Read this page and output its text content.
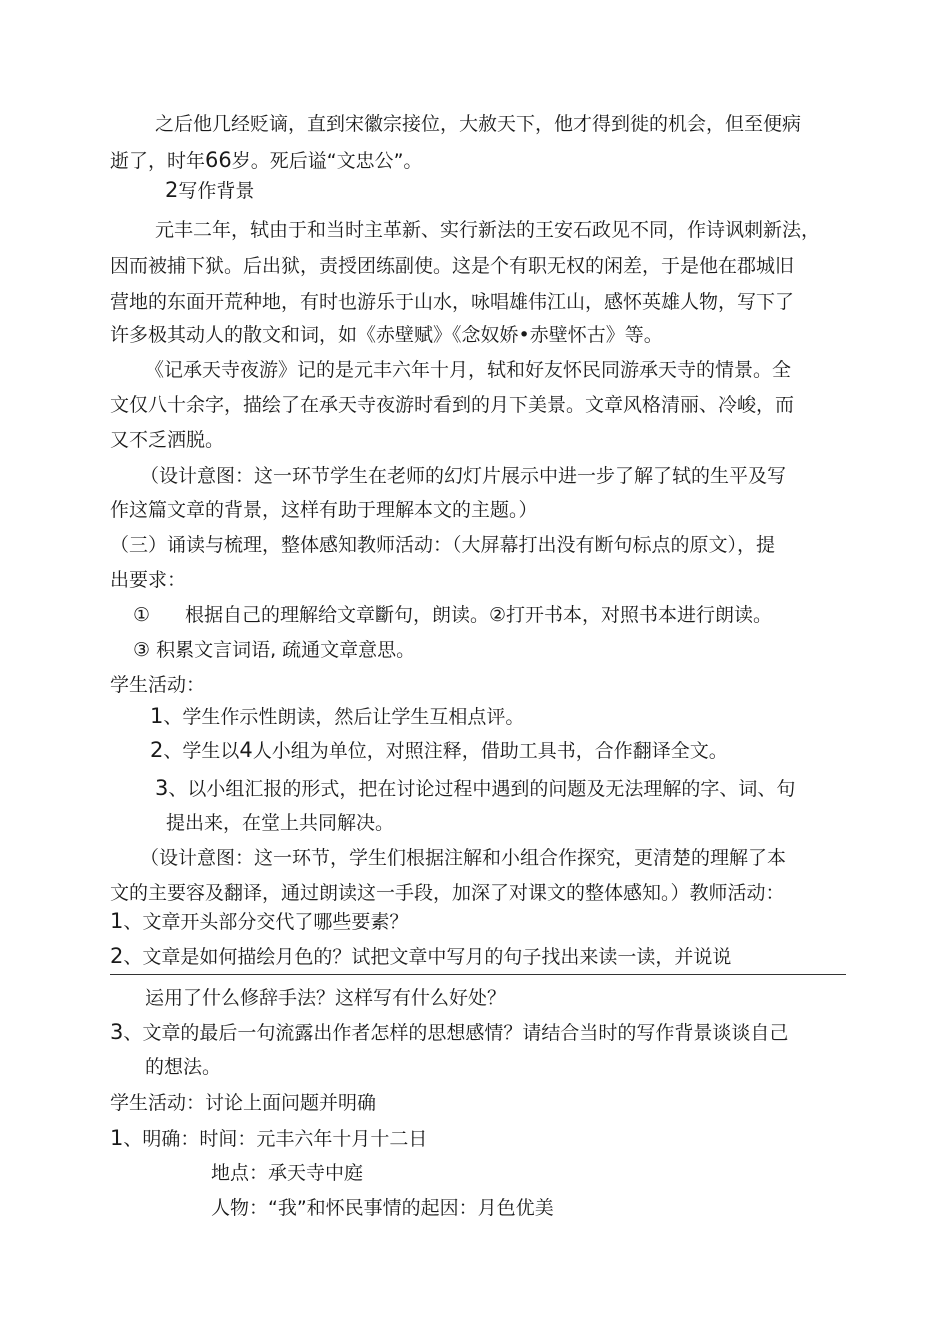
之后他几经贬谪，直到宋徽宗接位，大赦天下，他才得到徙的机会，但至便病
逝了，时年66岁。死后谥“文忠公”。
2写作背景
元丰二年，轼由于和当时主革新、实行新法的王安石政见不同，作诗讽刺新法，
因而被捕下狱。后出狱，责授团练副使。这是个有职无权的闲差，于是他在郡城旧
营地的东面开荒种地，有时也游乐于山水，咏唱雄伟江山，感怀英雄人物，写下了
许多极其动人的散文和词，如《赤壁赋》《念奴娇•赤壁怀古》等。
《记承天寺夜游》记的是元丰六年十月，轼和好友怀民同游承天寺的情景。全
文仅八十余字，描绘了在承天寺夜游时看到的月下美景。文章风格清丽、冷峻，而
又不乏洒脱。
（设计意图：这一环节学生在老师的幻灯片展示中进一步了解了轼的生平及写
作这篇文章的背景，这样有助于理解本文的主题。）
（三）诵读与梳理，整体感知教师活动：（大屏幕打出没有断句标点的原文），提
出要求：
① 根据自己的理解给文章斷句，朗读。②打开书本，对照书本进行朗读。
③ 积累文言词语, 疏通文章意思。
学生活动：
1、学生作示性朗读，然后让学生互相点评。
2、学生以4人小组为单位，对照注释，借助工具书，合作翻译全文。
3、以小组汇报的形式，把在讨论过程中遇到的问题及无法理解的字、词、句
提出来，在堂上共同解决。
（设计意图：这一环节，学生们根据注解和小组合作探究，更清楚的理解了本
文的主要容及翻译，通过朗读这一手段，加深了对课文的整体感知。）教师活动：
1、文章开头部分交代了哪些要素？
2、文章是如何描绘月色的？试把文章中写月的句子找出来读一读，并说说
运用了什么修辞手法？这样写有什么好处？
3、文章的最后一句流露出作者怎样的思想感情？请结合当时的写作背景谈谈自己
的想法。
学生活动：讨论上面问题并明确
1、明确：时间：元丰六年十月十二日
地点：承天寺中庭
人物：“我”和怀民事情的起因：月色优美
